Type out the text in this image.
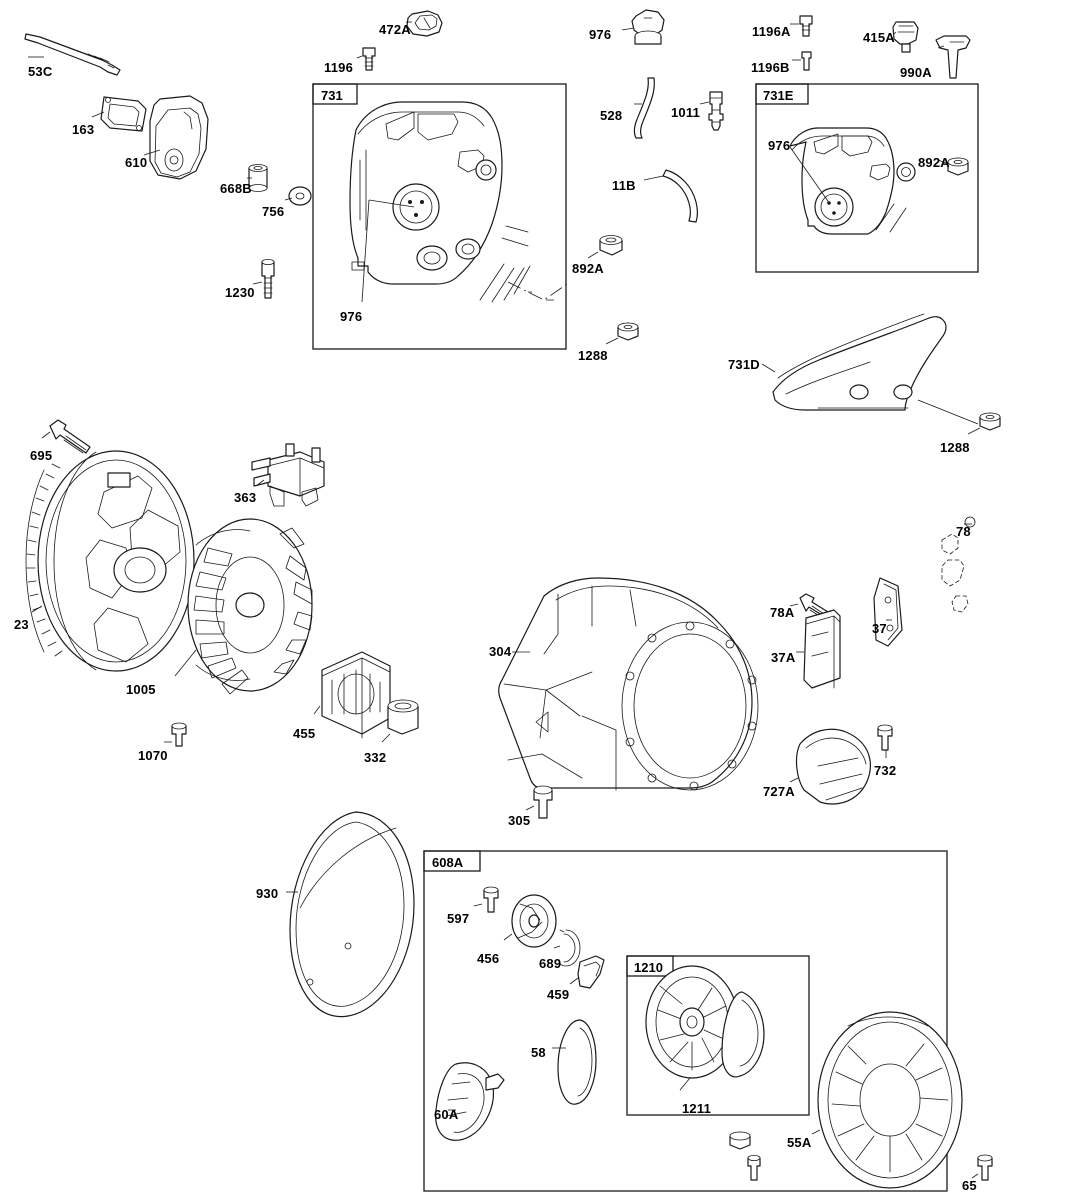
731	731E
608A
1210
53C
163
610
668B
756
1230
472A
1196
976
528	1011
11B
1196A
1196B
415A
990A
976
892A
976
892A
1288
731D
1288
695
363
23
1005
455
332
1070
304
305
78
78A
37
37A
732
727A
930
597
456	689
459
58
60A	1211
55A
65
